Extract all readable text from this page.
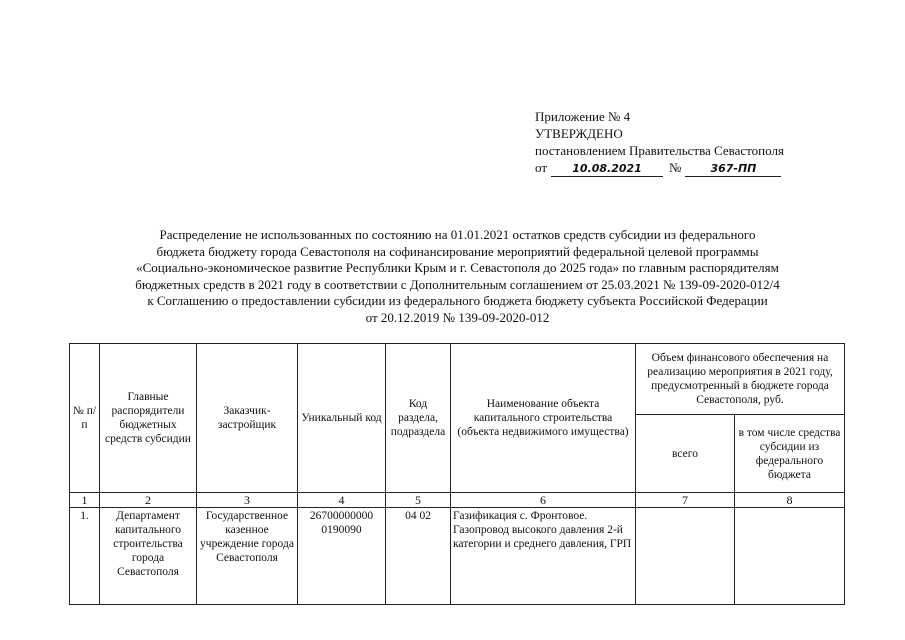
Приложение № 4
УТВЕРЖДЕНО
постановлением Правительства Севастополя
от 10.08.2021 №	367-ПП
Распределение не использованных по состоянию на 01.01.2021 остатков средств субсидии из федерального
бюджета бюджету города Севастополя на софинансирование мероприятий федеральной целевой программы
«Социально-экономическое развитие Республики Крым и г. Севастополя до 2025 года» по главным распорядителям
бюджетных средств в 2021 году в соответствии с Дополнительным соглашением от 25.03.2021 № 139-09-2020-012/4
к Соглашению о предоставлении субсидии из федерального бюджета бюджету субъекта Российской Федерации
от 20.12.2019 № 139-09-2020-012
№ п/п	Главные распорядители бюджетных средств субсидии	Заказчик-застройщик	Уникальный код	Код раздела, подраздела	Наименование объекта капитального строительства (объекта недвижимого имущества)	Объем финансового обеспечения на реализацию мероприятия в 2021 году, предусмотренный в бюджете города Севастополя, руб.	
						всего	в том числе средства субсидии из федерального бюджета
1	2	3	4	5	6	7	8
1.	Департамент капитального строительства города Севастополя	Государственное казенное учреждение города Севастополя	26700000000 0190090	04 02	Газификация с. Фронтовое. Газопровод высокого давления 2-й категории и среднего давления, ГРП		
